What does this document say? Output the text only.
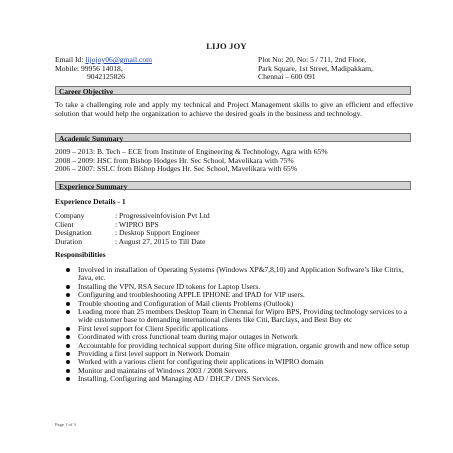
LIJO JOY
Email Id: lijojoy06@gmail.com
Mobile: 99956 14018,
9042125826
Plot No: 20, No: 5 / 711, 2nd Floor,
Park Square, 1st Street, Madipakkam,
Chennai – 600 091
Career Objective
To take a challenging role and apply my technical and Project Management skills to give an efficient and effective solution that would help the organization to achieve the desired goals in the business and technology.
Academic Summary
2009 – 2013: B. Tech – ECE from Institute of Engineering & Technology, Agra with 65%
2008 – 2009: HSC from Bishop Hodges Hr. Sec School, Mavelikara with 75%
2006 – 2007: SSLC from Bishop Hodges Hr. Sec School, Mavelikara with 65%
Experience Summary
Experience Details - 1
Company	: Progressiveinfovision Pvt Ltd
Client	: WIPRO BPS
Designation	: Desktop Support Engineer
Duration	: August 27, 2015 to Till Date
Responsibilities
Involved in installation of Operating Systems (Windows XP&7,8,10) and Application Software’s like Citrix, Java, etc.
Installing the VPN, RSA Secure ID tokens for Laptop Users.
Configuring and troubleshooting APPLE IPHONE and IPAD for VIP users.
Trouble shooting and Configuration of Mail clients Problems (Outlook)
Leading more than 25 members Desktop Team in Chennai for Wipro BPS, Providing technology services to a wide customer base to demanding international clients like Citi, Barclays, and Best Buy etc
First level support for Client Specific applications
Coordinated with cross functional team during major outages in Network
Accountable for providing technical support during Site office migration, organic growth and new office setup
Providing a first level support in Network Domain
Worked with a various client for configuring their applications in WIPRO domain
Monitor and maintains of Windows 2003 / 2008 Servers.
Installing, Configuring and Managing AD / DHCP / DNS Services.
Page 1 of 3
